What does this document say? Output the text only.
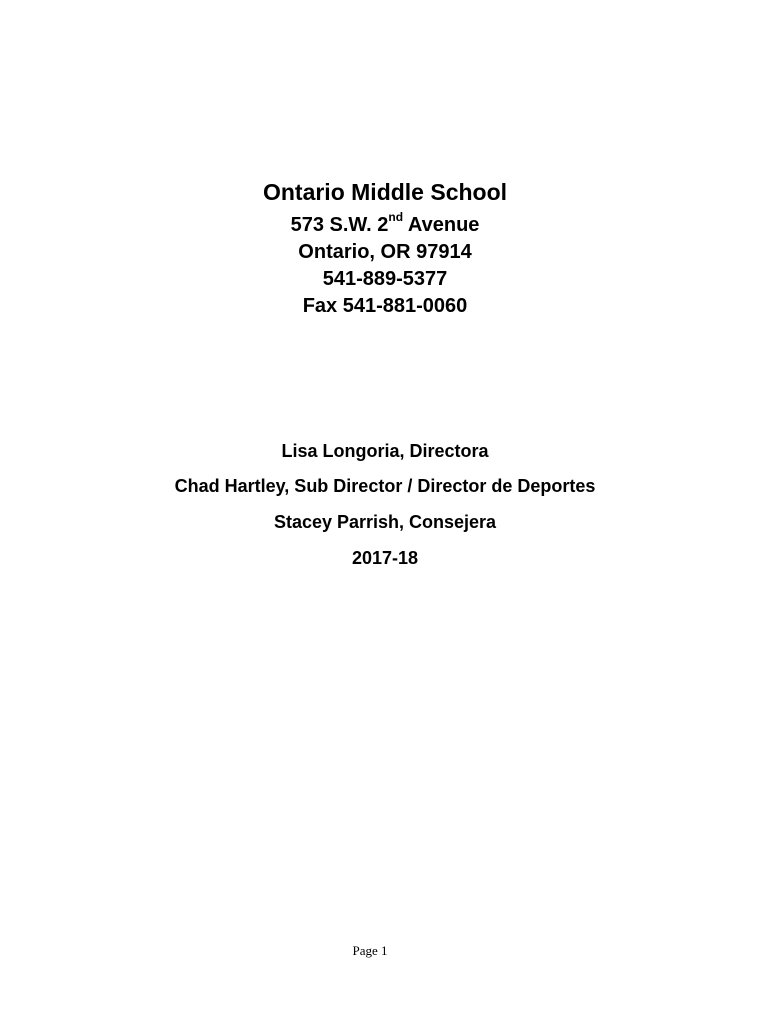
Ontario Middle School
573 S.W. 2nd Avenue
Ontario, OR 97914
541-889-5377
Fax 541-881-0060
Lisa Longoria, Directora
Chad Hartley, Sub Director / Director de Deportes
Stacey Parrish, Consejera
2017-18
Page 1
